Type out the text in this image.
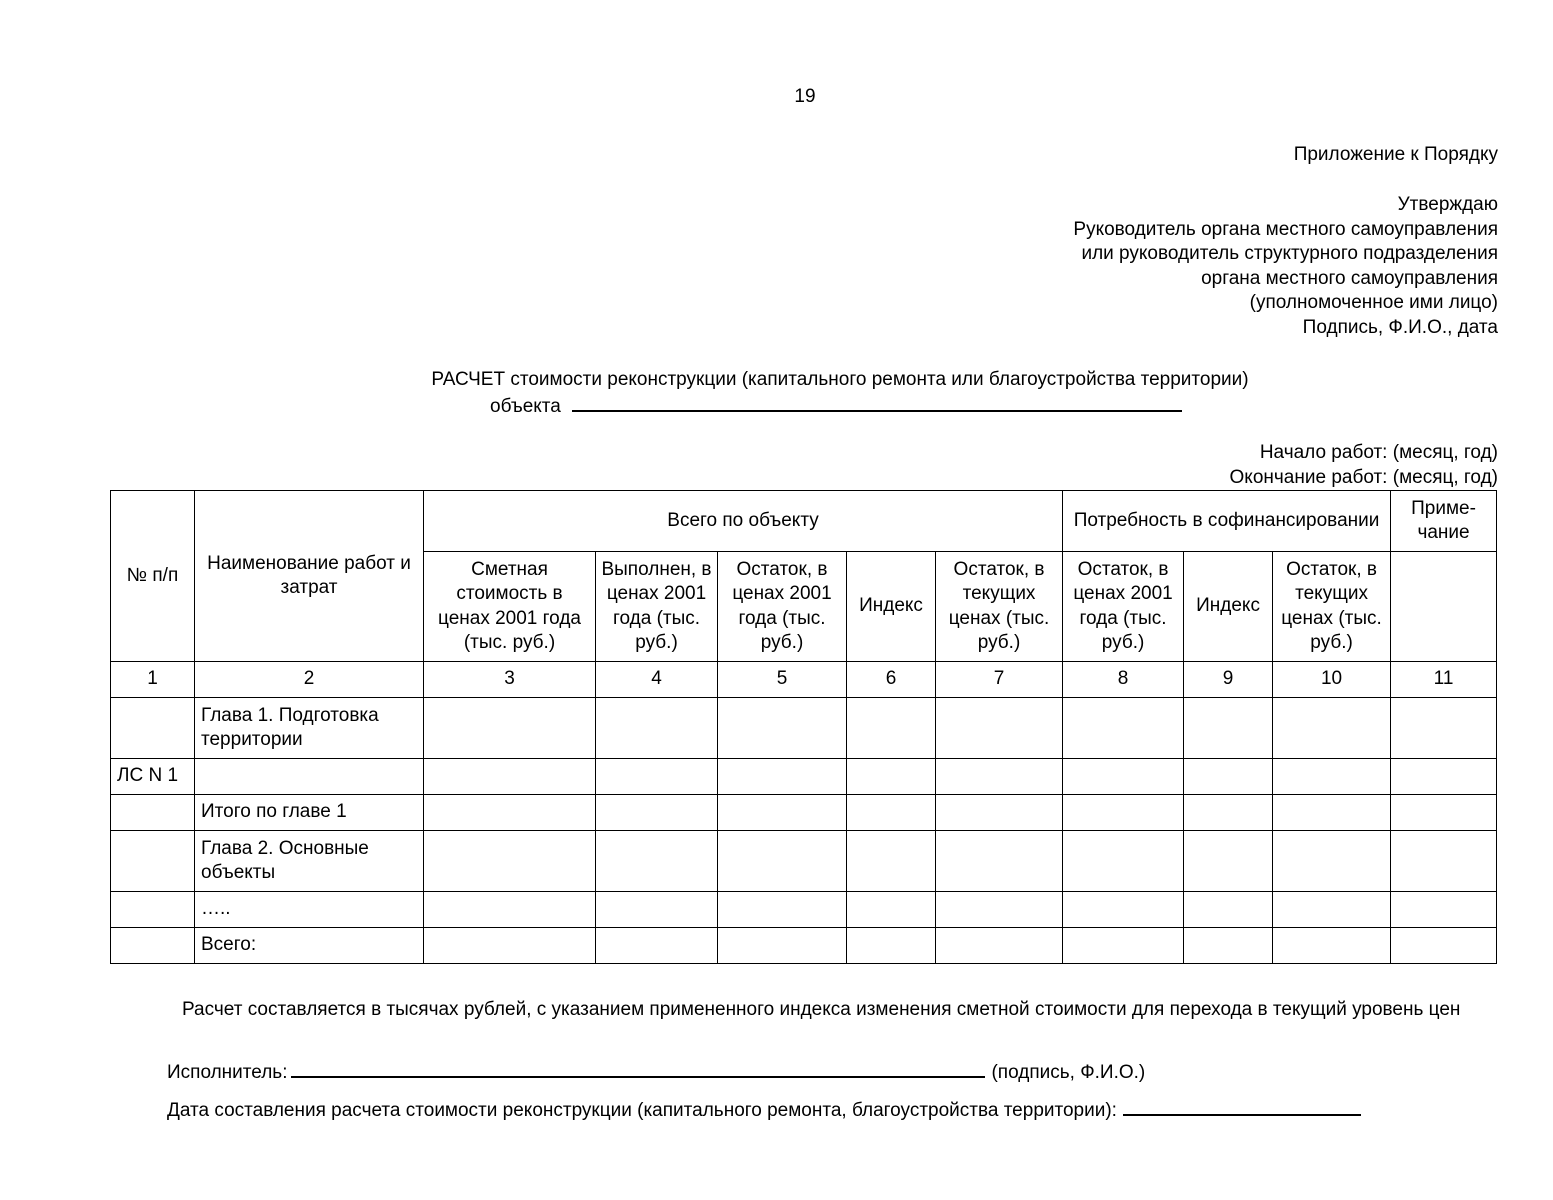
19
Приложение к Порядку
Утверждаю
Руководитель органа местного самоуправления
или руководитель структурного подразделения
органа местного самоуправления
(уполномоченное ими лицо)
Подпись, Ф.И.О., дата
РАСЧЕТ стоимости реконструкции (капитального ремонта или благоустройства территории)
объекта
Начало работ: (месяц, год)
Окончание работ: (месяц, год)
№ п/п	Наименование работ и затрат	Всего по объекту					Потребность в софинансировании			Приме- чание
		Сметная стоимость в ценах 2001 года (тыс. руб.)	Выполнен, в ценах 2001 года (тыс. руб.)	Остаток, в ценах 2001 года (тыс. руб.)	Индекс	Остаток, в текущих ценах (тыс. руб.)	Остаток, в ценах 2001 года (тыс. руб.)	Индекс	Остаток, в текущих ценах (тыс. руб.)	
1	2	3	4	5	6	7	8	9	10	11
	Глава 1. Подготовка территории									
ЛС N 1										
	Итого по главе 1									
	Глава 2. Основные объекты									
	…..									
	Всего:									
Расчет составляется в тысячах рублей, с указанием примененного индекса изменения сметной стоимости для перехода в текущий уровень цен
Исполнитель:	(подпись, Ф.И.О.)
Дата составления расчета стоимости реконструкции (капитального ремонта, благоустройства территории):
